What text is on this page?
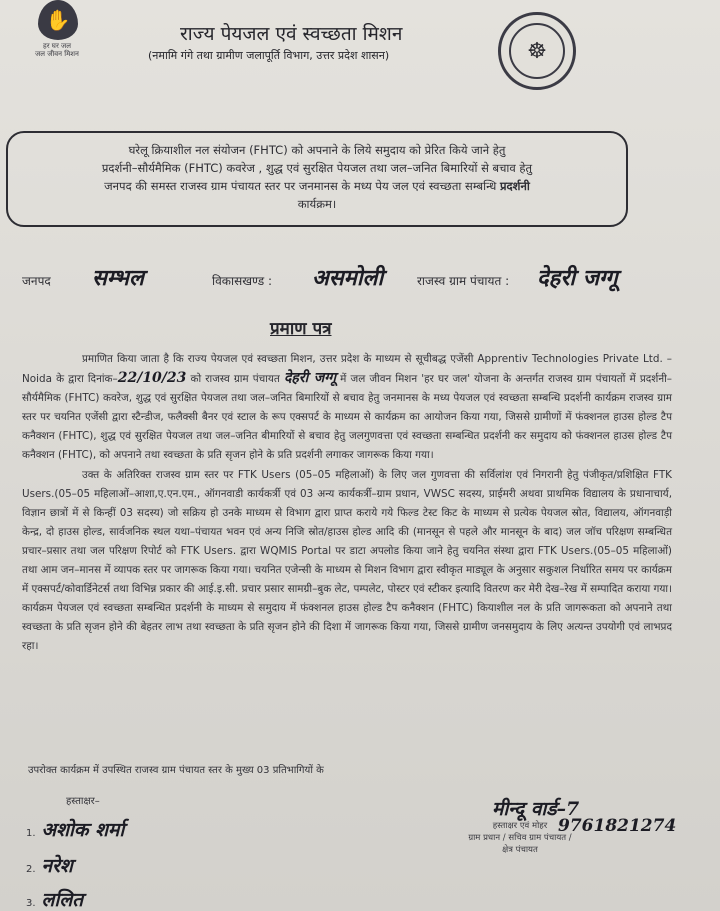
✋
हर घर जल
जल जीवन मिशन
राज्य पेयजल एवं स्वच्छता मिशन
(नमामि गंगे तथा ग्रामीण जलापूर्ति विभाग, उत्तर प्रदेश शासन)	☸
घरेलू क्रियाशील नल संयोजन (FHTC) को अपनाने के लिये समुदाय को प्रेरित किये जाने हेतु
प्रदर्शनी–सौर्यमैमिक (FHTC) कवरेज , शुद्ध एवं सुरक्षित पेयजल तथा जल–जनित बिमारियों से बचाव हेतु
जनपद की समस्त राजस्व ग्राम पंचायत स्तर पर जनमानस के मध्य पेय जल एवं स्वच्छता सम्बन्धि प्रदर्शनी
कार्यक्रम।
जनपद सम्भल	विकासखण्ड : असमोली	राजस्व ग्राम पंचायत : देहरी जग्गू
प्रमाण पत्र

प्रमाणित किया जाता है कि राज्य पेयजल एवं स्वच्छता मिशन, उत्तर प्रदेश के माध्यम से सूचीबद्ध एजेंसी Apprentiv Technologies Private Ltd. – Noida के द्वारा दिनांक–22/10/23 को राजस्व ग्राम पंचायत देहरी जग्गू में जल जीवन मिशन 'हर घर जल' योजना के अन्तर्गत राजस्व ग्राम पंचायतों में प्रदर्शनी–सौर्यमैमिक (FHTC) कवरेज, शुद्ध एवं सुरक्षित पेयजल तथा जल–जनित बिमारियों से बचाव हेतु जनमानस के मध्य पेयजल एवं स्वच्छता सम्बन्धि प्रदर्शनी कार्यक्रम राजस्व ग्राम स्तर पर चयनित एजेंसी द्वारा स्टैन्डीज, फलैक्सी बैनर एवं स्टाल के रूप एक्सपर्ट के माध्यम से कार्यक्रम का आयोजन किया गया, जिससे ग्रामीणों में फंक्शनल हाउस होल्ड टैप कनैक्शन (FHTC), शुद्ध एवं सुरक्षित पेयजल तथा जल–जनित बीमारियों से बचाव हेतु जलगुणवत्ता एवं स्वच्छता सम्बन्धित प्रदर्शनी कर समुदाय को फंक्शनल हाउस होल्ड टैप कनैक्शन (FHTC), को अपनाने तथा स्वच्छता के प्रति सृजन होने के प्रति प्रदर्शनी लगाकर जागरूक किया गया।

उक्त के अतिरिक्त राजस्व ग्राम स्तर पर FTK Users (05–05 महिलाओं) के लिए जल गुणवत्ता की सर्विलांश एवं निगरानी हेतु पंजीकृत/प्रशिक्षित FTK Users.(05–05 महिलाओं–आशा,ए.एन.एम., ऑगनवाडी कार्यकर्त्री एवं 03 अन्य कार्यकर्त्री–ग्राम प्रधान, VWSC सदस्य, प्राईमरी अथवा प्राथमिक विद्यालय के प्रधानाचार्य, विज्ञान छात्रों में से किन्हीं 03 सदस्य) जो सक्रिय हो उनके माध्यम से विभाग द्वारा प्राप्त कराये गये फिल्ड टेस्ट किट के माध्यम से प्रत्येक पेयजल स्रोत, विद्यालय, ऑगनवाड़ी केन्द्र, दो हाउस होल्ड, सार्वजनिक स्थल यथा–पंचायत भवन एवं अन्य निजि स्रोत/हाउस होल्ड आदि की (मानसून से पहले और मानसून के बाद) जल जॉच परिक्षण सम्बन्धित प्रचार–प्रसार तथा जल परिक्षण रिपोर्ट को FTK Users. द्वारा WQMIS Portal पर डाटा अपलोड किया जाने हेतु चयनित संस्था द्वारा FTK Users.(05–05 महिलाओं) तथा आम जन–मानस में व्यापक स्तर पर जागरूक किया गया। चयनित एजेन्सी के माध्यम से मिशन विभाग द्वारा स्वीकृत माड्यूल के अनुसार सकुशल निर्धारित समय पर कार्यक्रम में एक्सपर्ट/कोवार्डिनेटर्स तथा विभिन्न प्रकार की आई.इ.सी. प्रचार प्रसार सामग्री–बुक लेट, पम्पलेट, पोस्टर एवं स्टीकर इत्यादि वितरण कर मेरी देख–रेख में सम्पादित कराया गया। कार्यक्रम पेयजल एवं स्वच्छता सम्बन्धित प्रदर्शनी के माध्यम से समुदाय में फंक्शनल हाउस होल्ड टैप कनैक्शन (FHTC) कियाशील नल के प्रति जागरूकता को अपनाने तथा स्वच्छता के प्रति सृजन होने की बेहतर लाभ तथा स्वच्छता के प्रति सृजन होने की दिशा में जागरूक किया गया, जिससे ग्रामीण जनसमुदाय के लिए अत्यन्त उपयोगी एवं लाभप्रद रहा।

उपरोक्त कार्यक्रम में उपस्थित राजस्व ग्राम पंचायत स्तर के मुख्य 03 प्रतिभागियों के
हस्ताक्षर–
1. अशोक शर्मा
2. नरेश
3. ललित
मीन्दू वार्ड–7
9761821274
हस्ताक्षर एवं मोहर
ग्राम प्रधान / सचिव ग्राम पंचायत /
क्षेत्र पंचायत
